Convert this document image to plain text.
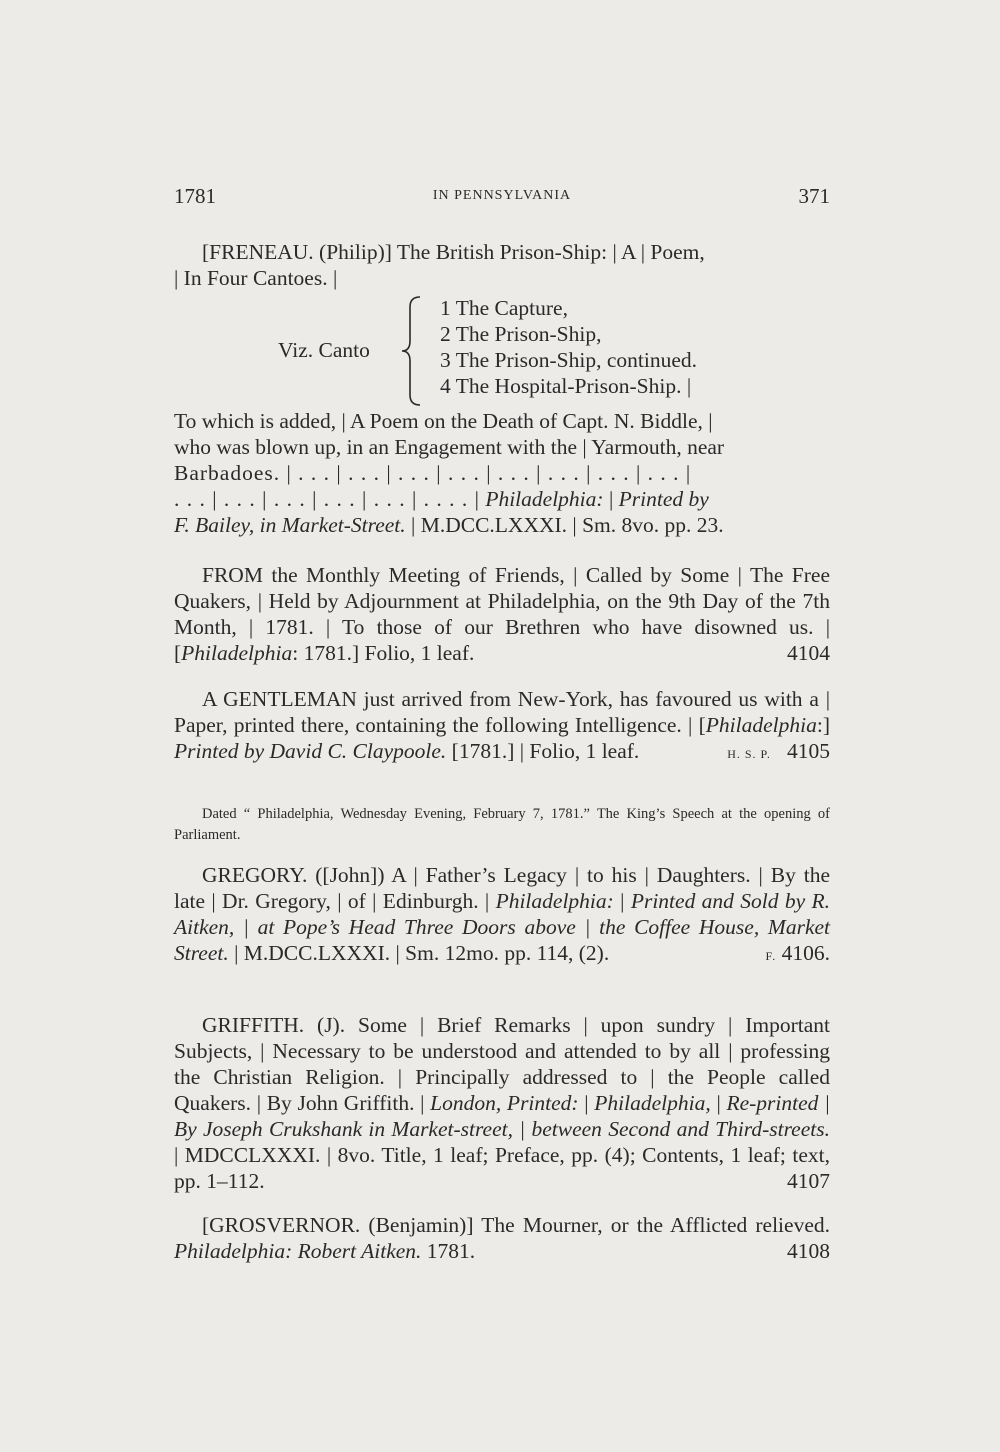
1781	IN PENNSYLVANIA	371

[FRENEAU. (Philip)] The British Prison-Ship: | A | Poem,

| In Four Cantoes. |

Viz. Canto
1 The Capture,
2 The Prison-Ship,
3 The Prison-Ship, continued.
4 The Hospital-Prison-Ship. |

To which is added, | A Poem on the Death of Capt. N. Biddle, |

who was blown up, in an Engagement with the | Yarmouth, near

Barbadoes. | . . . | . . . | . . . | . . . | . . . | . . . | . . . | . . . |

. . . | . . . | . . . | . . . | . . . | . . . . | Philadelphia: | Printed by

F. Bailey, in Market-Street. | M.DCC.LXXXI. | Sm. 8vo. pp. 23.

FROM the Monthly Meeting of Friends, | Called by Some | The Free Quakers, | Held by Adjournment at Philadelphia, on the 9th Day of the 7th Month, | 1781. | To those of our Brethren who have disowned us. | [Philadelphia: 1781.] Folio, 1 leaf.	4104

A GENTLEMAN just arrived from New-York, has favoured us with a | Paper, printed there, containing the following Intelligence. | [Philadelphia:] Printed by David C. Claypoole. [1781.] | Folio, 1 leaf.	H. S. P. 4105

Dated “ Philadelphia, Wednesday Evening, February 7, 1781.” The King’s Speech at the opening of Parliament.

GREGORY. ([John]) A | Father’s Legacy | to his | Daughters. | By the late | Dr. Gregory, | of | Edinburgh. | Philadelphia: | Printed and Sold by R. Aitken, | at Pope’s Head Three Doors above | the Coffee House, Market Street. | M.DCC.LXXXI. | Sm. 12mo. pp. 114, (2).	F. 4106.

GRIFFITH. (J). Some | Brief Remarks | upon sundry | Important Subjects, | Necessary to be understood and attended to by all | professing the Christian Religion. | Principally addressed to | the People called Quakers. | By John Griffith. | London, Printed: | Philadelphia, | Re-printed | By Joseph Crukshank in Market-street, | between Second and Third-streets. | MDCCLXXXI. | 8vo. Title, 1 leaf; Preface, pp. (4); Contents, 1 leaf; text, pp. 1–112.	4107

[GROSVERNOR. (Benjamin)] The Mourner, or the Afflicted relieved. Philadelphia: Robert Aitken. 1781.	4108
